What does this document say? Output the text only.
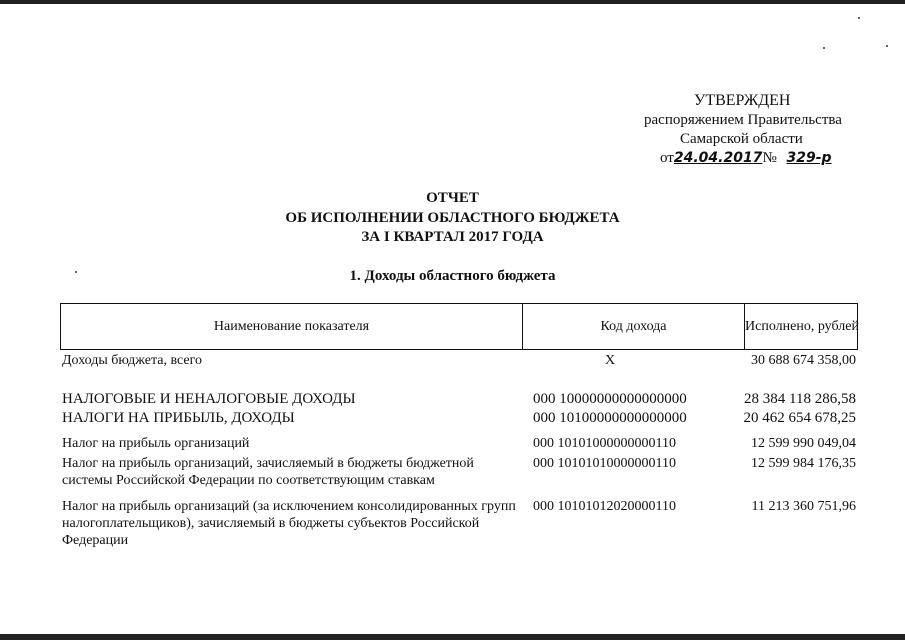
УТВЕРЖДЕН
распоряжением Правительства
Самарской области
от24.04.2017№ 329-р
ОТЧЕТ
ОБ ИСПОЛНЕНИИ ОБЛАСТНОГО БЮДЖЕТА
ЗА I КВАРТАЛ 2017 ГОДА
1. Доходы областного бюджета
Наименование показателя	Код дохода	Исполнено, рублей
Доходы бюджета, всего	X	30 688 674 358,00
НАЛОГОВЫЕ И НЕНАЛОГОВЫЕ ДОХОДЫ	000 10000000000000000	28 384 118 286,58
НАЛОГИ НА ПРИБЫЛЬ, ДОХОДЫ	000 10100000000000000	20 462 654 678,25
Налог на прибыль организаций	000 10101000000000110	12 599 990 049,04
Налог на прибыль организаций, зачисляемый в бюджеты бюджетной системы Российской Федерации по соответствующим ставкам
000 10101010000000110	12 599 984 176,35
Налог на прибыль организаций (за исключением консолидированных групп налогоплательщиков), зачисляемый в бюджеты субъектов Российской Федерации
000 10101012020000110	11 213 360 751,96
